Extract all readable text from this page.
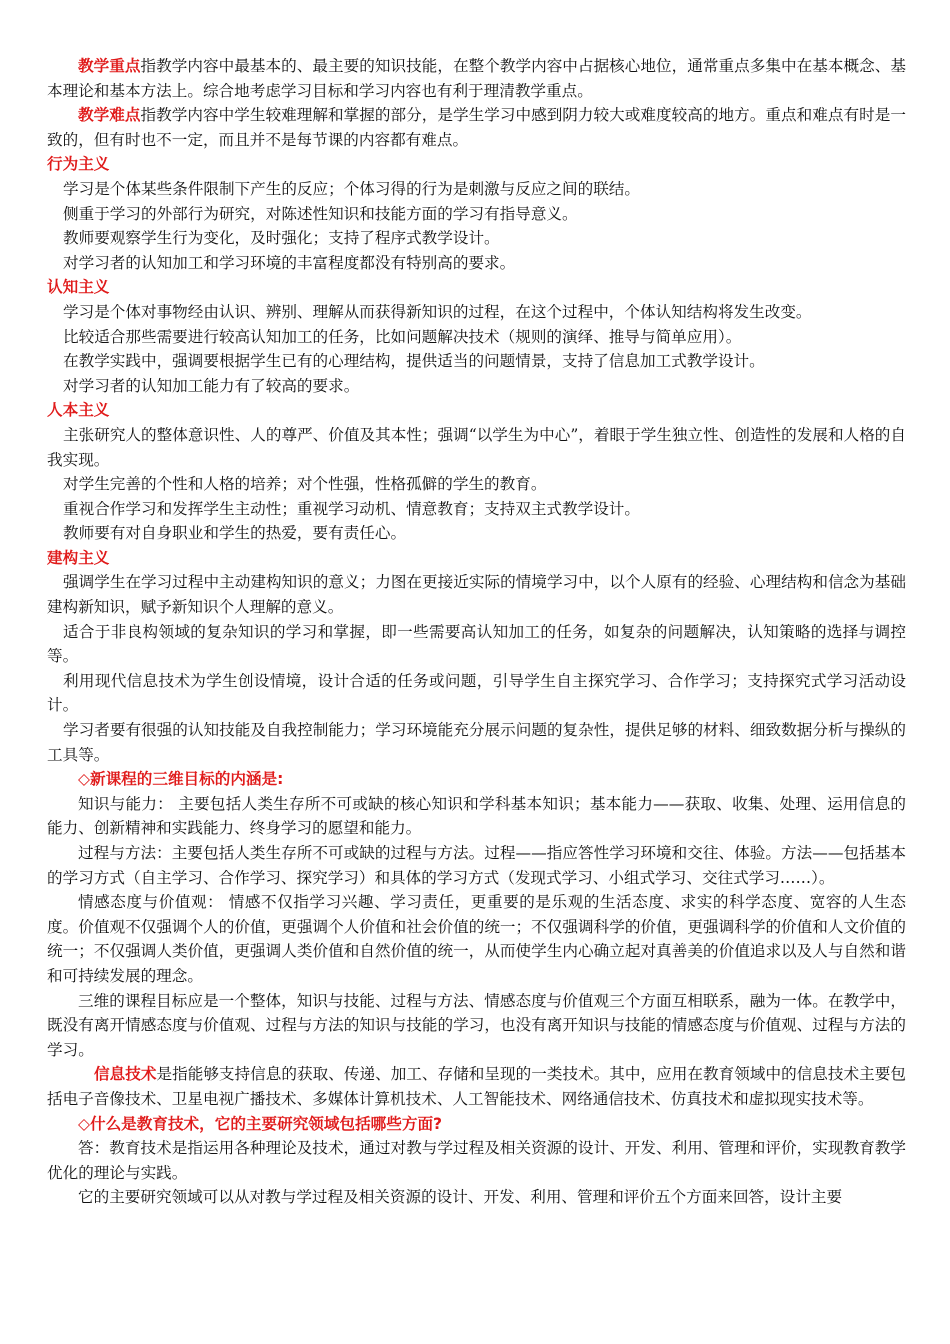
教学重点指教学内容中最基本的、最主要的知识技能，在整个教学内容中占据核心地位，通常重点多集中在基本概念、基本理论和基本方法上。综合地考虑学习目标和学习内容也有利于理清教学重点。

教学难点指教学内容中学生较难理解和掌握的部分，是学生学习中感到阴力较大或难度较高的地方。重点和难点有时是一致的，但有时也不一定，而且并不是每节课的内容都有难点。

行为主义

学习是个体某些条件限制下产生的反应；个体习得的行为是刺激与反应之间的联结。

侧重于学习的外部行为研究，对陈述性知识和技能方面的学习有指导意义。

教师要观察学生行为变化，及时强化；支持了程序式教学设计。

对学习者的认知加工和学习环境的丰富程度都没有特别高的要求。

认知主义

学习是个体对事物经由认识、辨别、理解从而获得新知识的过程，在这个过程中，个体认知结构将发生改变。

比较适合那些需要进行较高认知加工的任务，比如问题解决技术（规则的演绎、推导与简单应用）。

在教学实践中，强调要根据学生已有的心理结构，提供适当的问题情景，支持了信息加工式教学设计。

对学习者的认知加工能力有了较高的要求。

人本主义

主张研究人的整体意识性、人的尊严、价值及其本性；强调“以学生为中心”，着眼于学生独立性、创造性的发展和人格的自我实现。

对学生完善的个性和人格的培养；对个性强，性格孤僻的学生的教育。

重视合作学习和发挥学生主动性；重视学习动机、情意教育；支持双主式教学设计。

教师要有对自身职业和学生的热爱，要有责任心。

建构主义

强调学生在学习过程中主动建构知识的意义；力图在更接近实际的情境学习中，以个人原有的经验、心理结构和信念为基础建构新知识，赋予新知识个人理解的意义。

适合于非良构领域的复杂知识的学习和掌握，即一些需要高认知加工的任务，如复杂的问题解决，认知策略的选择与调控等。

利用现代信息技术为学生创设情境，设计合适的任务或问题，引导学生自主探究学习、合作学习；支持探究式学习活动设计。

学习者要有很强的认知技能及自我控制能力；学习环境能充分展示问题的复杂性，提供足够的材料、细致数据分析与操纵的工具等。

◇新课程的三维目标的内涵是:

知识与能力： 主要包括人类生存所不可或缺的核心知识和学科基本知识；基本能力——获取、收集、处理、运用信息的能力、创新精神和实践能力、终身学习的愿望和能力。

过程与方法：主要包括人类生存所不可或缺的过程与方法。过程——指应答性学习环境和交往、体验。方法——包括基本的学习方式（自主学习、合作学习、探究学习）和具体的学习方式（发现式学习、小组式学习、交往式学习……）。

情感态度与价值观： 情感不仅指学习兴趣、学习责任，更重要的是乐观的生活态度、求实的科学态度、宽容的人生态度。价值观不仅强调个人的价值，更强调个人价值和社会价值的统一；不仅强调科学的价值，更强调科学的价值和人文价值的统一；不仅强调人类价值，更强调人类价值和自然价值的统一，从而使学生内心确立起对真善美的价值追求以及人与自然和谐和可持续发展的理念。

三维的课程目标应是一个整体，知识与技能、过程与方法、情感态度与价值观三个方面互相联系，融为一体。在教学中，既没有离开情感态度与价值观、过程与方法的知识与技能的学习，也没有离开知识与技能的情感态度与价值观、过程与方法的学习。

信息技术是指能够支持信息的获取、传递、加工、存储和呈现的一类技术。其中，应用在教育领域中的信息技术主要包括电子音像技术、卫星电视广播技术、多媒体计算机技术、人工智能技术、网络通信技术、仿真技术和虚拟现实技术等。

◇什么是教育技术，它的主要研究领域包括哪些方面?

答：教育技术是指运用各种理论及技术，通过对教与学过程及相关资源的设计、开发、利用、管理和评价，实现教育教学优化的理论与实践。

它的主要研究领域可以从对教与学过程及相关资源的设计、开发、利用、管理和评价五个方面来回答，设计主要
